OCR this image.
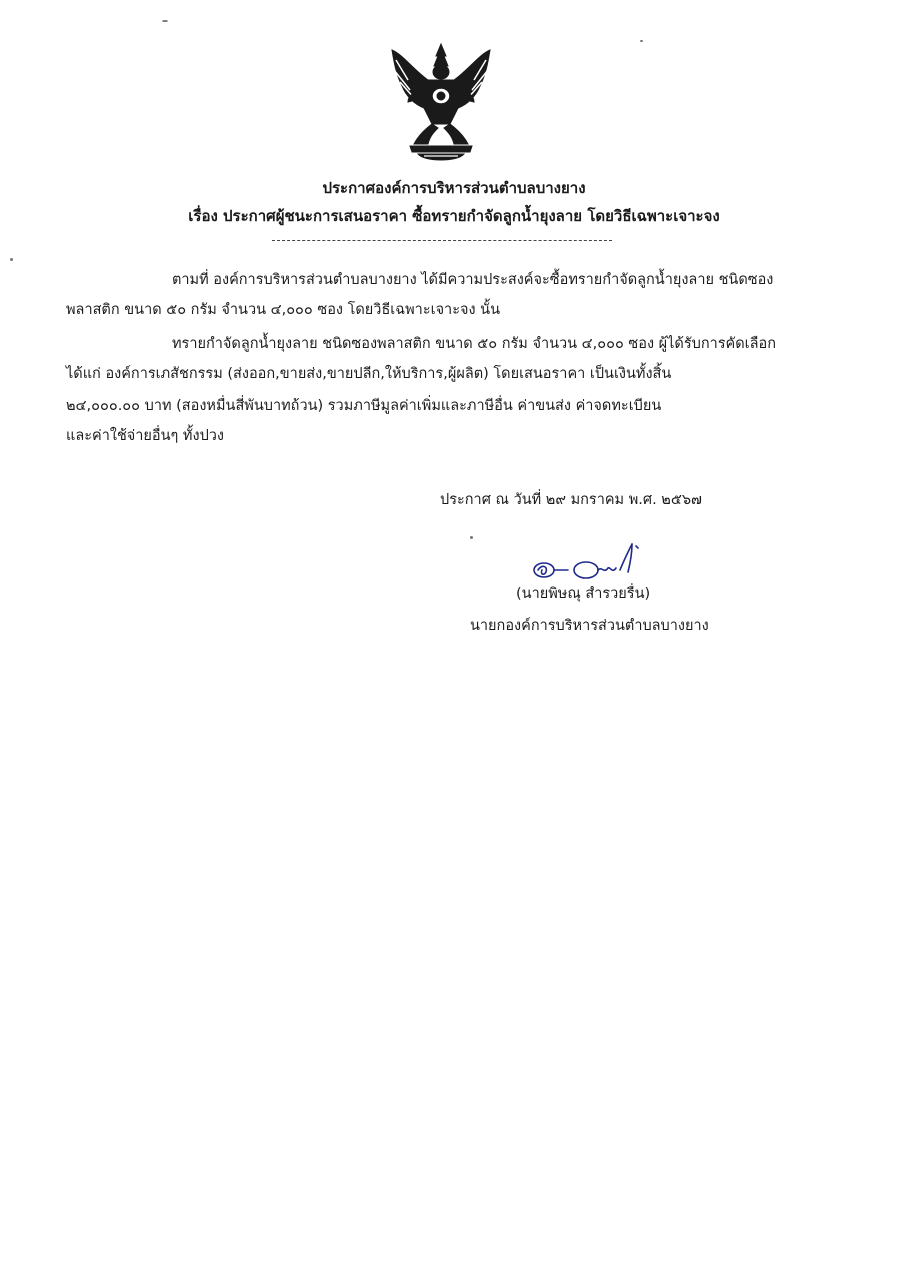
ประกาศองค์การบริหารส่วนตำบลบางยาง
เรื่อง ประกาศผู้ชนะการเสนอราคา ซื้อทรายกำจัดลูกน้ำยุงลาย โดยวิธีเฉพาะเจาะจง
ตามที่ องค์การบริหารส่วนตำบลบางยาง ได้มีความประสงค์จะซื้อทรายกำจัดลูกน้ำยุงลาย ชนิดซอง
พลาสติก ขนาด ๕๐ กรัม จำนวน ๔,๐๐๐ ซอง โดยวิธีเฉพาะเจาะจง นั้น
ทรายกำจัดลูกน้ำยุงลาย ชนิดซองพลาสติก ขนาด ๕๐ กรัม จำนวน ๔,๐๐๐ ซอง ผู้ได้รับการคัดเลือก
ได้แก่ องค์การเภสัชกรรม (ส่งออก,ขายส่ง,ขายปลีก,ให้บริการ,ผู้ผลิต) โดยเสนอราคา เป็นเงินทั้งสิ้น
๒๔,๐๐๐.๐๐ บาท (สองหมื่นสี่พันบาทถ้วน) รวมภาษีมูลค่าเพิ่มและภาษีอื่น ค่าขนส่ง ค่าจดทะเบียน
และค่าใช้จ่ายอื่นๆ ทั้งปวง
ประกาศ ณ วันที่ ๒๙ มกราคม พ.ศ. ๒๕๖๗
(นายพิษณุ สำรวยรื่น)
นายกองค์การบริหารส่วนตำบลบางยาง
